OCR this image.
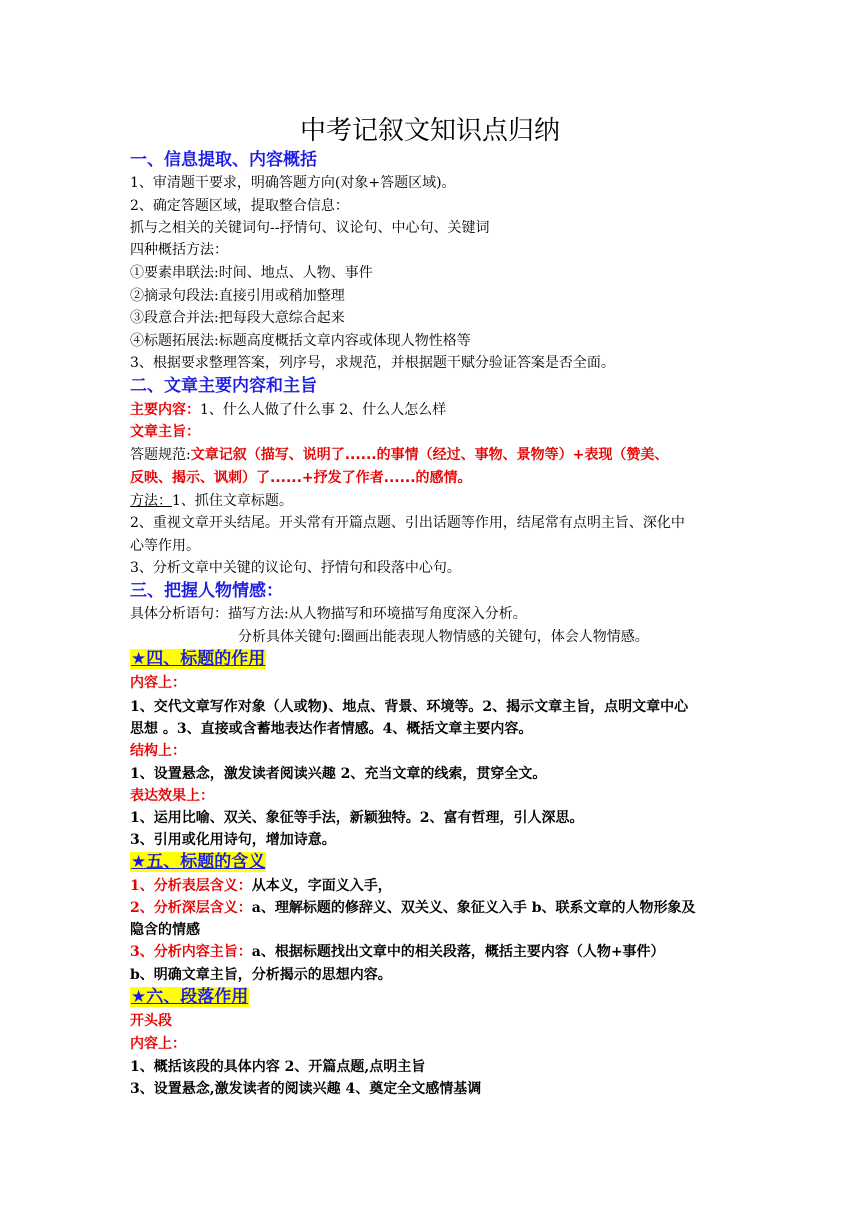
中考记叙文知识点归纳
一、信息提取、内容概括
1、审清题干要求，明确答题方向(对象+答题区域)。
2、确定答题区域，提取整合信息：
抓与之相关的关键词句--抒情句、议论句、中心句、关键词
四种概括方法：
①要素串联法:时间、地点、人物、事件
②摘录句段法:直接引用或稍加整理
③段意合并法:把每段大意综合起来
④标题拓展法:标题高度概括文章内容或体现人物性格等
3、根据要求整理答案，列序号，求规范，并根据题干赋分验证答案是否全面。
二、文章主要内容和主旨
主要内容：1、什么人做了什么事 2、什么人怎么样
文章主旨：
答题规范:文章记叙（描写、说明了......的事情（经过、事物、景物等）+表现（赞美、
反映、揭示、讽刺）了......+抒发了作者......的感情。
方法：1、抓住文章标题。
2、重视文章开头结尾。开头常有开篇点题、引出话题等作用，结尾常有点明主旨、深化中
心等作用。
3、分析文章中关键的议论句、抒情句和段落中心句。
三、把握人物情感：
具体分析语句：描写方法:从人物描写和环境描写角度深入分析。
分析具体关键句:圈画出能表现人物情感的关键句，体会人物情感。
★四、标题的作用
内容上：
1、交代文章写作对象（人或物)、地点、背景、环境等。2、揭示文章主旨，点明文章中心
思想 。3、直接或含蓄地表达作者情感。4、概括文章主要内容。
结构上：
1、设置悬念，激发读者阅读兴趣 2、充当文章的线索，贯穿全文。
表达效果上：
1、运用比喻、双关、象征等手法，新颖独特。2、富有哲理，引人深思。
3、引用或化用诗句，增加诗意。
★五、标题的含义
1、分析表层含义：从本义，字面义入手，
2、分析深层含义：a、理解标题的修辞义、双关义、象征义入手 b、联系文章的人物形象及
隐含的情感
3、分析内容主旨：a、根据标题找出文章中的相关段落，概括主要内容（人物+事件）
b、明确文章主旨，分析揭示的思想内容。
★六、段落作用
开头段
内容上：
1、概括该段的具体内容 2、开篇点题,点明主旨
3、设置悬念,激发读者的阅读兴趣 4、奠定全文感情基调
